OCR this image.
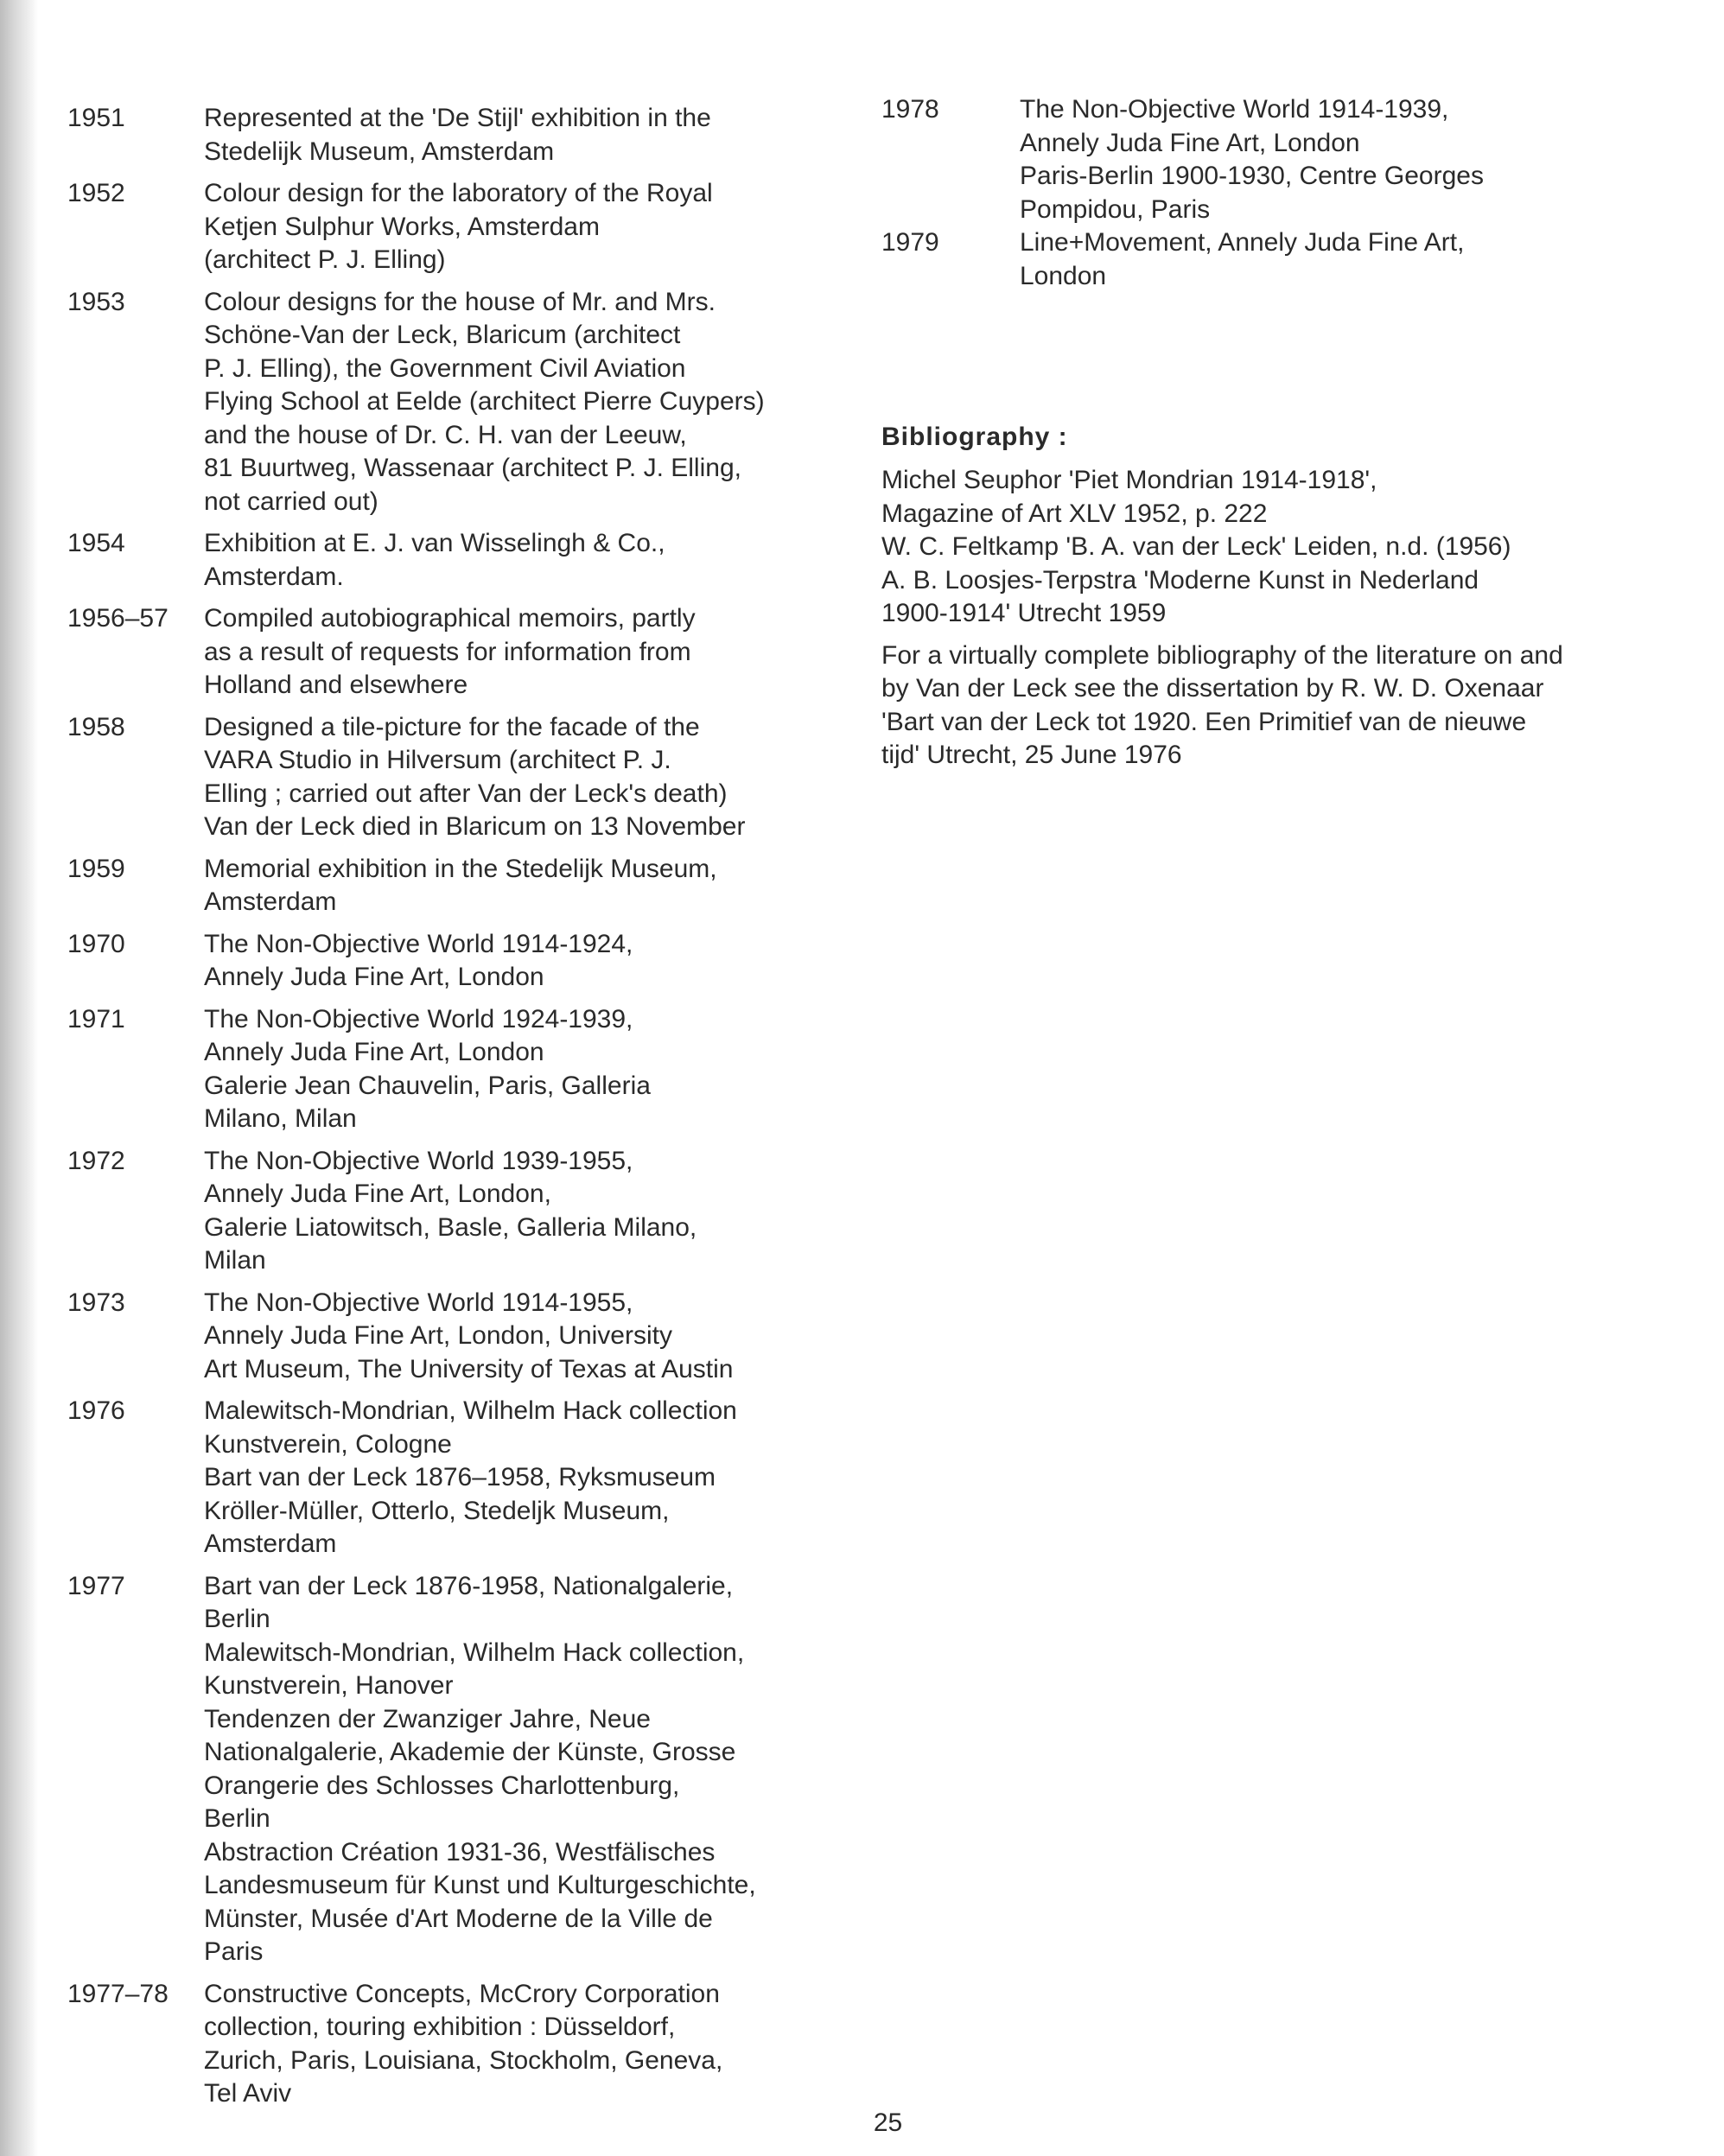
1951	Represented at the 'De Stijl' exhibition in the
Stedelijk Museum, Amsterdam
1952	Colour design for the laboratory of the Royal
Ketjen Sulphur Works, Amsterdam
(architect P. J. Elling)
1953	Colour designs for the house of Mr. and Mrs.
Schöne-Van der Leck, Blaricum (architect
P. J. Elling), the Government Civil Aviation
Flying School at Eelde (architect Pierre Cuypers)
and the house of Dr. C. H. van der Leeuw,
81 Buurtweg, Wassenaar (architect P. J. Elling,
not carried out)
1954	Exhibition at E. J. van Wisselingh & Co.,
Amsterdam.
1956–57	Compiled autobiographical memoirs, partly
as a result of requests for information from
Holland and elsewhere
1958	Designed a tile-picture for the facade of the
VARA Studio in Hilversum (architect P. J.
Elling ; carried out after Van der Leck's death)
Van der Leck died in Blaricum on 13 November
1959	Memorial exhibition in the Stedelijk Museum,
Amsterdam
1970	The Non-Objective World 1914-1924,
Annely Juda Fine Art, London
1971	The Non-Objective World 1924-1939,
Annely Juda Fine Art, London
Galerie Jean Chauvelin, Paris, Galleria
Milano, Milan
1972	The Non-Objective World 1939-1955,
Annely Juda Fine Art, London,
Galerie Liatowitsch, Basle, Galleria Milano,
Milan
1973	The Non-Objective World 1914-1955,
Annely Juda Fine Art, London, University
Art Museum, The University of Texas at Austin
1976	Malewitsch-Mondrian, Wilhelm Hack collection
Kunstverein, Cologne
Bart van der Leck 1876–1958, Ryksmuseum
Kröller-Müller, Otterlo, Stedeljk Museum,
Amsterdam
1977	Bart van der Leck 1876-1958, Nationalgalerie,
Berlin
Malewitsch-Mondrian, Wilhelm Hack collection,
Kunstverein, Hanover
Tendenzen der Zwanziger Jahre, Neue
Nationalgalerie, Akademie der Künste, Grosse
Orangerie des Schlosses Charlottenburg,
Berlin
Abstraction Création 1931-36, Westfälisches
Landesmuseum für Kunst und Kulturgeschichte,
Münster, Musée d'Art Moderne de la Ville de
Paris
1977–78	Constructive Concepts, McCrory Corporation
collection, touring exhibition : Düsseldorf,
Zurich, Paris, Louisiana, Stockholm, Geneva,
Tel Aviv
1978	The Non-Objective World 1914-1939,
Annely Juda Fine Art, London
Paris-Berlin 1900-1930, Centre Georges
Pompidou, Paris
1979	Line+Movement, Annely Juda Fine Art,
London
Bibliography :
Michel Seuphor 'Piet Mondrian 1914-1918',
Magazine of Art XLV 1952, p. 222
W. C. Feltkamp 'B. A. van der Leck' Leiden, n.d. (1956)
A. B. Loosjes-Terpstra 'Moderne Kunst in Nederland
1900-1914' Utrecht 1959
For a virtually complete bibliography of the literature on and
by Van der Leck see the dissertation by R. W. D. Oxenaar
'Bart van der Leck tot 1920. Een Primitief van de nieuwe
tijd' Utrecht, 25 June 1976
25
